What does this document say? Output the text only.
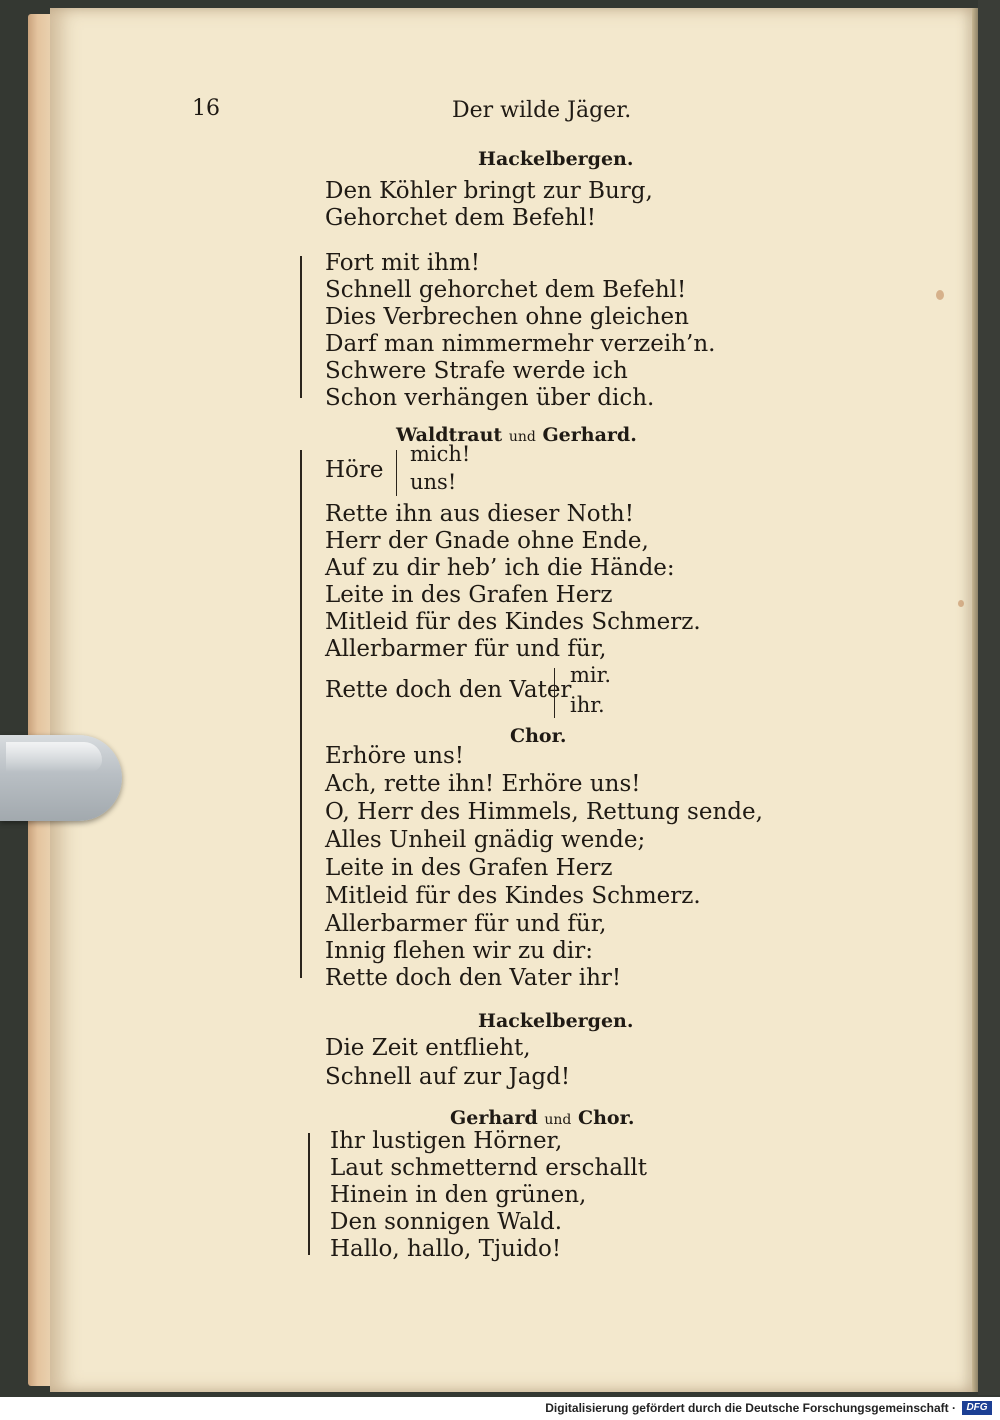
16	Der wilde Jäger.
Hackelbergen.
Den Köhler bringt zur Burg,
Gehorchet dem Befehl!
Fort mit ihm!
Schnell gehorchet dem Befehl!
Dies Verbrechen ohne gleichen
Darf man nimmermehr verzeih’n.
Schwere Strafe werde ich
Schon verhängen über dich.
Waldtraut und Gerhard.
Höre
mich!
uns!
Rette ihn aus dieser Noth!
Herr der Gnade ohne Ende,
Auf zu dir heb’ ich die Hände:
Leite in des Grafen Herz
Mitleid für des Kindes Schmerz.
Allerbarmer für und für,
Rette doch den Vater
mir.
ihr.
Chor.
Erhöre uns!
Ach, rette ihn! Erhöre uns!
O, Herr des Himmels, Rettung sende,
Alles Unheil gnädig wende;
Leite in des Grafen Herz
Mitleid für des Kindes Schmerz.
Allerbarmer für und für,
Innig flehen wir zu dir:
Rette doch den Vater ihr!
Hackelbergen.
Die Zeit entflieht,
Schnell auf zur Jagd!
Gerhard und Chor.
Ihr lustigen Hörner,
Laut schmetternd erschallt
Hinein in den grünen,
Den sonnigen Wald.
Hallo, hallo, Tjuido!
Digitalisierung gefördert durch die Deutsche Forschungsgemeinschaft ·	DFG
